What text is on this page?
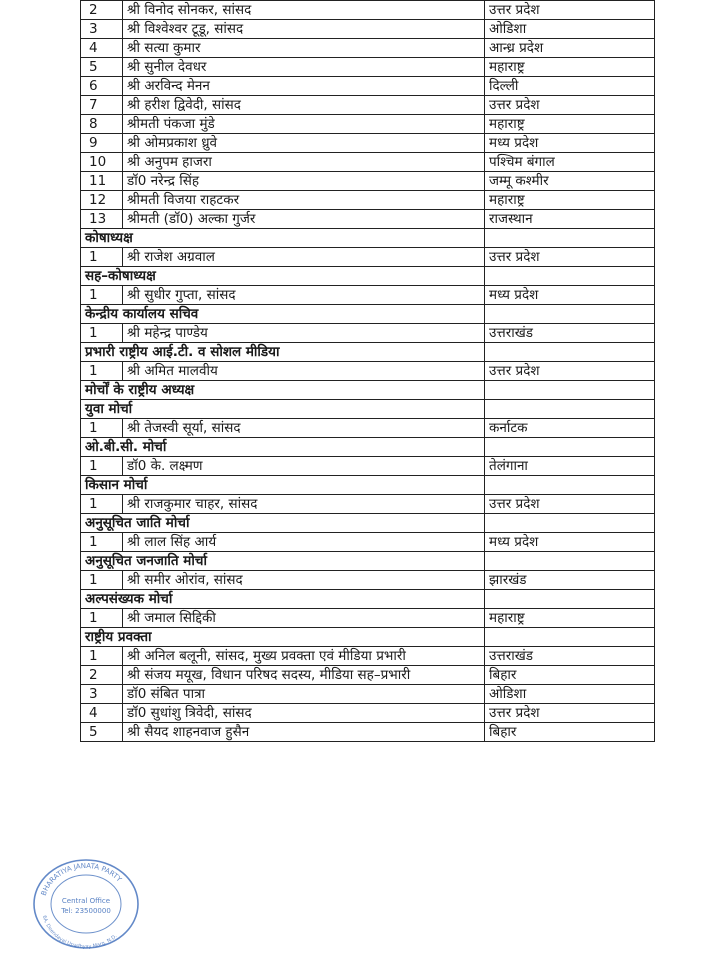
2	श्री विनोद सोनकर, सांसद	उत्तर प्रदेश
3	श्री विश्वेश्वर टूडू, सांसद	ओडिशा
4	श्री सत्या कुमार	आन्ध्र प्रदेश
5	श्री सुनील देवधर	महाराष्ट्र
6	श्री अरविन्द मेनन	दिल्ली
7	श्री हरीश द्विवेदी, सांसद	उत्तर प्रदेश
8	श्रीमती पंकजा मुंडे	महाराष्ट्र
9	श्री ओमप्रकाश ध्रुवे	मध्य प्रदेश
10	श्री अनुपम हाजरा	पश्चिम बंगाल
11	डॉ0 नरेन्द्र सिंह	जम्मू कश्मीर
12	श्रीमती विजया राहटकर	महाराष्ट्र
13	श्रीमती (डॉ0) अल्का गुर्जर	राजस्थान
कोषाध्यक्ष		
1	श्री राजेश अग्रवाल	उत्तर प्रदेश
सह–कोषाध्यक्ष		
1	श्री सुधीर गुप्ता, सांसद	मध्य प्रदेश
केन्द्रीय कार्यालय सचिव		
1	श्री महेन्द्र पाण्डेय	उत्तराखंड
प्रभारी राष्ट्रीय आई.टी. व सोशल मीडिया		
1	श्री अमित मालवीय	उत्तर प्रदेश
मोर्चों के राष्ट्रीय अध्यक्ष		
युवा मोर्चा		
1	श्री तेजस्वी सूर्या, सांसद	कर्नाटक
ओ.बी.सी. मोर्चा		
1	डॉ0 के. लक्ष्मण	तेलंगाना
किसान मोर्चा		
1	श्री राजकुमार चाहर, सांसद	उत्तर प्रदेश
अनुसूचित जाति मोर्चा		
1	श्री लाल सिंह आर्य	मध्य प्रदेश
अनुसूचित जनजाति मोर्चा		
1	श्री समीर ओरांव, सांसद	झारखंड
अल्पसंख्यक मोर्चा		
1	श्री जमाल सिद्दिकी	महाराष्ट्र
राष्ट्रीय प्रवक्ता		
1	श्री अनिल बलूनी, सांसद, मुख्य प्रवक्ता एवं मीडिया प्रभारी	उत्तराखंड
2	श्री संजय मयूख, विधान परिषद सदस्य, मीडिया सह–प्रभारी	बिहार
3	डॉ0 संबित पात्रा	ओडिशा
4	डॉ0 सुधांशु त्रिवेदी, सांसद	उत्तर प्रदेश
5	श्री सैयद शाहनवाज हुसैन	बिहार
BHARATIYA JANATA PARTY
6A, Deendayal Upadhyay Marg, N.D.
Central Office
Tel: 23500000
